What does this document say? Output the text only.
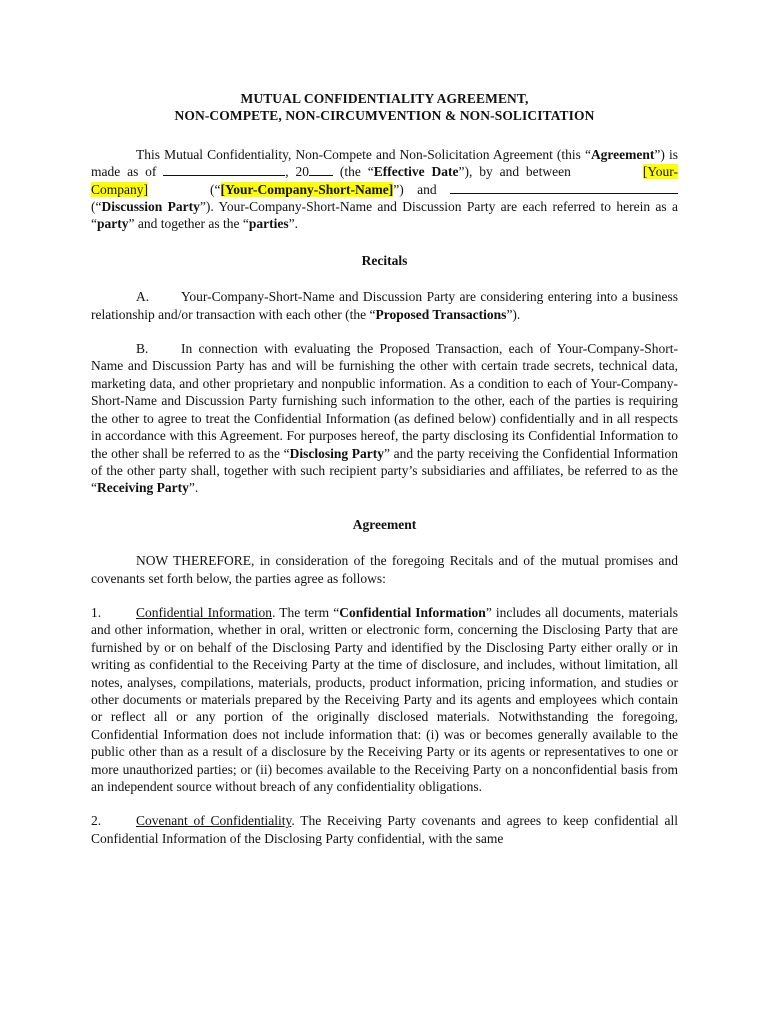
MUTUAL CONFIDENTIALITY AGREEMENT,
NON-COMPETE, NON-CIRCUMVENTION & NON-SOLICITATION

This Mutual Confidentiality, Non-Compete and Non-Solicitation Agreement (this “Agreement”) is made as of	, 20 (the “Effective Date”), by and between	[Your-Company]	(“[Your-Company-Short-Name]”) and  (“Discussion Party”). Your-Company-Short-Name and Discussion Party are each referred to herein as a “party” and together as the “parties”.

Recitals

A. Your-Company-Short-Name and Discussion Party are considering entering into a business relationship and/or transaction with each other (the “Proposed Transactions”).

B. In connection with evaluating the Proposed Transaction, each of Your-Company-Short-Name and Discussion Party has and will be furnishing the other with certain trade secrets, technical data, marketing data, and other proprietary and nonpublic information. As a condition to each of Your-Company-Short-Name and Discussion Party furnishing such information to the other, each of the parties is requiring the other to agree to treat the Confidential Information (as defined below) confidentially and in all respects in accordance with this Agreement. For purposes hereof, the party disclosing its Confidential Information to the other shall be referred to as the “Disclosing Party” and the party receiving the Confidential Information of the other party shall, together with such recipient party’s subsidiaries and affiliates, be referred to as the “Receiving Party”.

Agreement

NOW THEREFORE, in consideration of the foregoing Recitals and of the mutual promises and covenants set forth below, the parties agree as follows:

1.	Confidential Information. The term “Confidential Information” includes all documents, materials and other information, whether in oral, written or electronic form, concerning the Disclosing Party that are furnished by or on behalf of the Disclosing Party and identified by the Disclosing Party either orally or in writing as confidential to the Receiving Party at the time of disclosure, and includes, without limitation, all notes, analyses, compilations, materials, products, product information, pricing information, and studies or other documents or materials prepared by the Receiving Party and its agents and employees which contain or reflect all or any portion of the originally disclosed materials. Notwithstanding the foregoing, Confidential Information does not include information that: (i) was or becomes generally available to the public other than as a result of a disclosure by the Receiving Party or its agents or representatives to one or more unauthorized parties; or (ii) becomes available to the Receiving Party on a nonconfidential basis from an independent source without breach of any confidentiality obligations.

2.	Covenant of Confidentiality. The Receiving Party covenants and agrees to keep confidential all Confidential Information of the Disclosing Party confidential, with the same
